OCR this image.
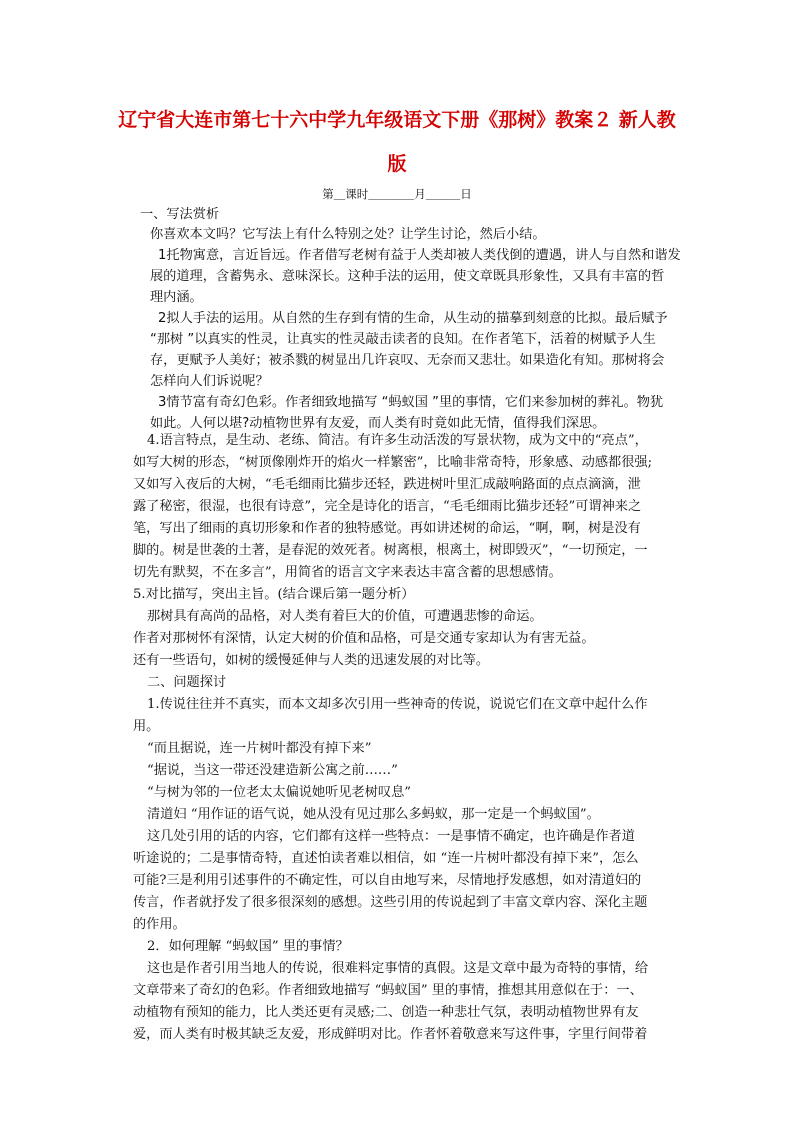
辽宁省大连市第七十六中学九年级语文下册《那树》教案２ 新人教
版
第＿课时＿＿＿＿月＿＿＿日
一、写法赏析
你喜欢本文吗？它写法上有什么特别之处？让学生讨论，然后小结。
1托物寓意，言近旨远。作者借写老树有益于人类却被人类伐倒的遭遇，讲人与自然和谐发
展的道理，含蓄隽永、意味深长。这种手法的运用，使文章既具形象性，又具有丰富的哲
理内涵。
2拟人手法的运用。从自然的生存到有情的生命，从生动的描摹到刻意的比拟。最后赋予
“那树 ”以真实的性灵，让真实的性灵敲击读者的良知。在作者笔下，活着的树赋予人生
存，更赋予人美好；被杀戮的树显出几许哀叹、无奈而又悲壮。如果造化有知。那树将会
怎样向人们诉说呢？
3情节富有奇幻色彩。作者细致地描写 “蚂蚁国 ”里的事情，它们来参加树的葬礼。物犹
如此。人何以堪?动植物世界有友爱，而人类有时竟如此无情，值得我们深思。
4.语言特点，是生动、老练、简洁。有许多生动活泼的写景状物，成为文中的“亮点”，
如写大树的形态，“树顶像刚炸开的焰火一样繁密”，比喻非常奇特，形象感、动感都很强;
又如写入夜后的大树，“毛毛细雨比猫步还轻，跌进树叶里汇成敲响路面的点点滴滴，泄
露了秘密，很湿，也很有诗意”，完全是诗化的语言，“毛毛细雨比猫步还轻”可谓神来之
笔，写出了细雨的真切形象和作者的独特感觉。再如讲述树的命运，“啊，啊，树是没有
脚的。树是世袭的土著，是春泥的效死者。树离根，根离土，树即毁灭”，“一切预定，一
切先有默契，不在多言”，用简省的语言文字来表达丰富含蓄的思想感情。
5.对比描写，突出主旨。(结合课后第一题分析）
那树具有高尚的品格，对人类有着巨大的价值，可遭遇悲惨的命运。
作者对那树怀有深情，认定大树的价值和品格，可是交通专家却认为有害无益。
还有一些语句，如树的缓慢延伸与人类的迅速发展的对比等。
二、问题探讨
1.传说往往并不真实，而本文却多次引用一些神奇的传说，说说它们在文章中起什么作
用。
“而且据说，连一片树叶都没有掉下来”
“据说，当这一带还没建造新公寓之前……”
“与树为邻的一位老太太偏说她听见老树叹息”
清道妇 “用作证的语气说，她从没有见过那么多蚂蚁，那一定是一个蚂蚁国”。
这几处引用的话的内容，它们都有这样一些特点：一是事情不确定，也许确是作者道
听途说的；二是事情奇特，直述怕读者难以相信，如 “连一片树叶都没有掉下来”，怎么
可能?三是利用引述事件的不确定性，可以自由地写来，尽情地抒发感想，如对清道妇的
传言，作者就抒发了很多很深刻的感想。这些引用的传说起到了丰富文章内容、深化主题
的作用。
2．如何理解 “蚂蚁国” 里的事情？
这也是作者引用当地人的传说，很难料定事情的真假。这是文章中最为奇特的事情，给
文章带来了奇幻的色彩。作者细致地描写 “蚂蚁国” 里的事情，推想其用意似在于：一、
动植物有预知的能力，比人类还更有灵感;二、创造一种悲壮气氛，表明动植物世界有友
爱，而人类有时极其缺乏友爱，形成鲜明对比。作者怀着敬意来写这件事，字里行间带着
